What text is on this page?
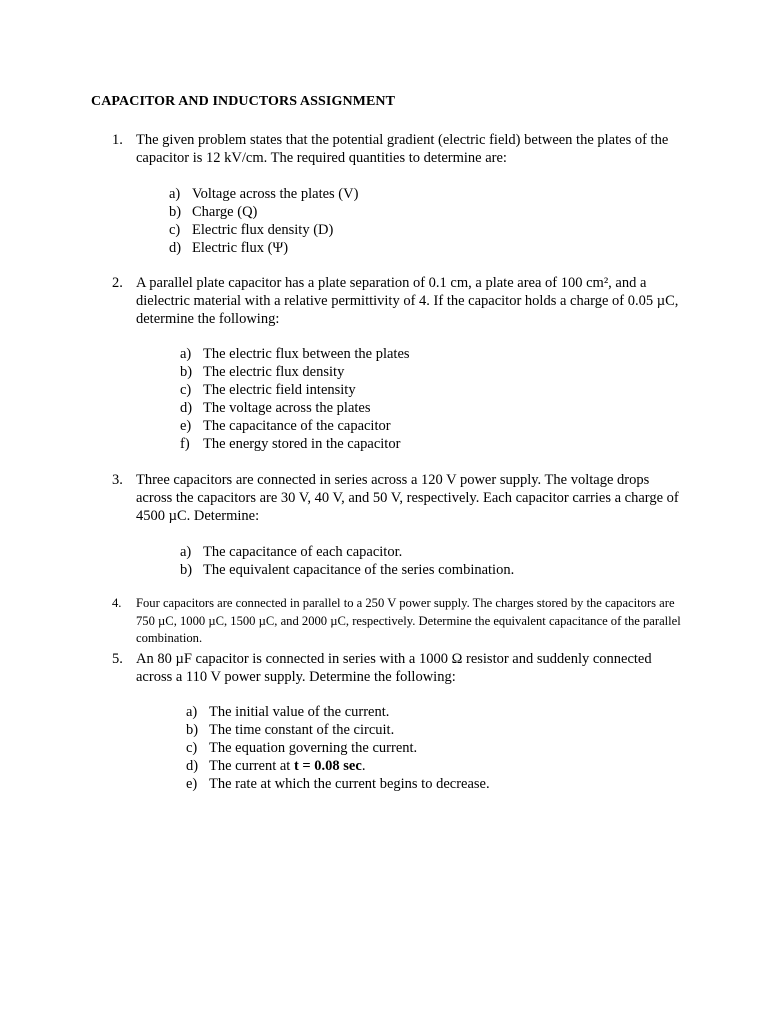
CAPACITOR AND INDUCTORS ASSIGNMENT
1. The given problem states that the potential gradient (electric field) between the plates of the capacitor is 12 kV/cm. The required quantities to determine are:
a) Voltage across the plates (V)
b) Charge (Q)
c) Electric flux density (D)
d) Electric flux (Ψ)
2. A parallel plate capacitor has a plate separation of 0.1 cm, a plate area of 100 cm², and a dielectric material with a relative permittivity of 4. If the capacitor holds a charge of 0.05 µC, determine the following:
a) The electric flux between the plates
b) The electric flux density
c) The electric field intensity
d) The voltage across the plates
e) The capacitance of the capacitor
f) The energy stored in the capacitor
3. Three capacitors are connected in series across a 120 V power supply. The voltage drops across the capacitors are 30 V, 40 V, and 50 V, respectively. Each capacitor carries a charge of 4500 µC. Determine:
a) The capacitance of each capacitor.
b) The equivalent capacitance of the series combination.
4. Four capacitors are connected in parallel to a 250 V power supply. The charges stored by the capacitors are 750 µC, 1000 µC, 1500 µC, and 2000 µC, respectively. Determine the equivalent capacitance of the parallel combination.
5. An 80 µF capacitor is connected in series with a 1000 Ω resistor and suddenly connected across a 110 V power supply. Determine the following:
a) The initial value of the current.
b) The time constant of the circuit.
c) The equation governing the current.
d) The current at t = 0.08 sec.
e) The rate at which the current begins to decrease.
